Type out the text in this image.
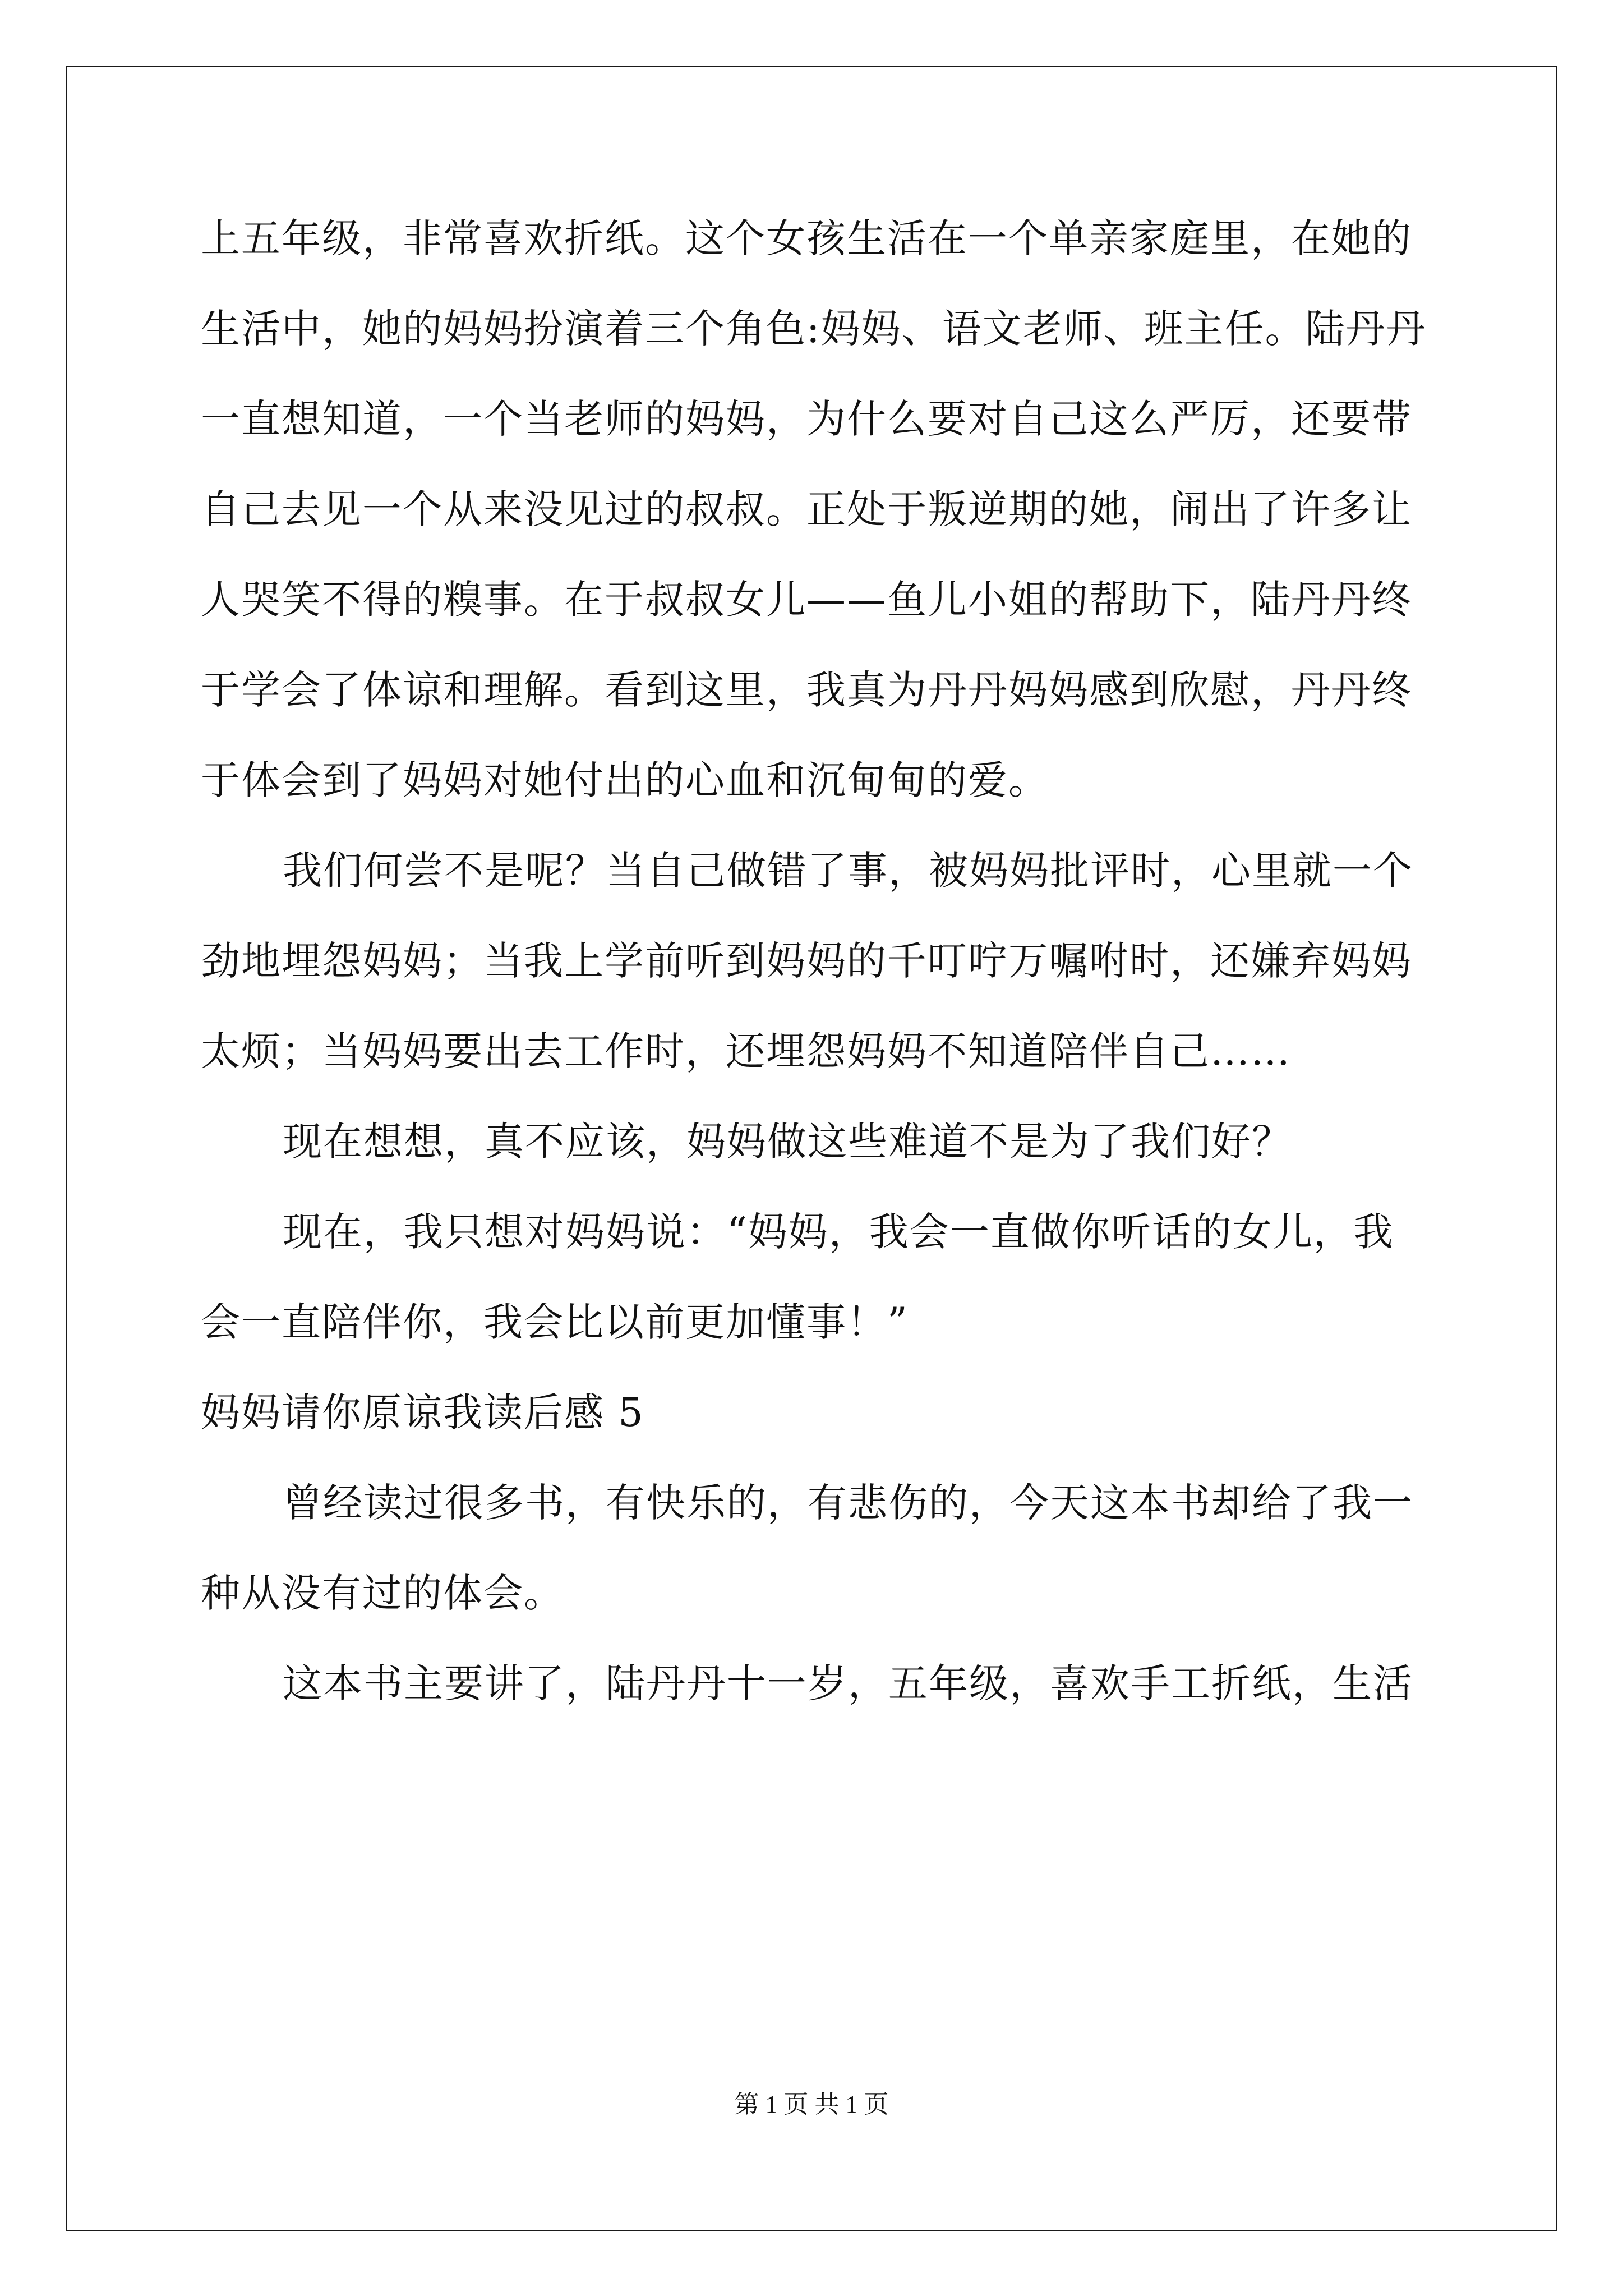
上五年级，非常喜欢折纸。这个女孩生活在一个单亲家庭里，在她的
生活中，她的妈妈扮演着三个角色:妈妈、语文老师、班主任。陆丹丹
一直想知道，一个当老师的妈妈，为什么要对自己这么严厉，还要带
自己去见一个从来没见过的叔叔。正处于叛逆期的她，闹出了许多让
人哭笑不得的糗事。在于叔叔女儿——鱼儿小姐的帮助下，陆丹丹终
于学会了体谅和理解。看到这里，我真为丹丹妈妈感到欣慰，丹丹终
于体会到了妈妈对她付出的心血和沉甸甸的爱。
我们何尝不是呢？当自己做错了事，被妈妈批评时，心里就一个
劲地埋怨妈妈；当我上学前听到妈妈的千叮咛万嘱咐时，还嫌弃妈妈
太烦；当妈妈要出去工作时，还埋怨妈妈不知道陪伴自己……
现在想想，真不应该，妈妈做这些难道不是为了我们好？
现在，我只想对妈妈说：“妈妈，我会一直做你听话的女儿，我
会一直陪伴你，我会比以前更加懂事！”
妈妈请你原谅我读后感 5
曾经读过很多书，有快乐的，有悲伤的，今天这本书却给了我一
种从没有过的体会。
这本书主要讲了，陆丹丹十一岁，五年级，喜欢手工折纸，生活
第 1 页 共 1 页
